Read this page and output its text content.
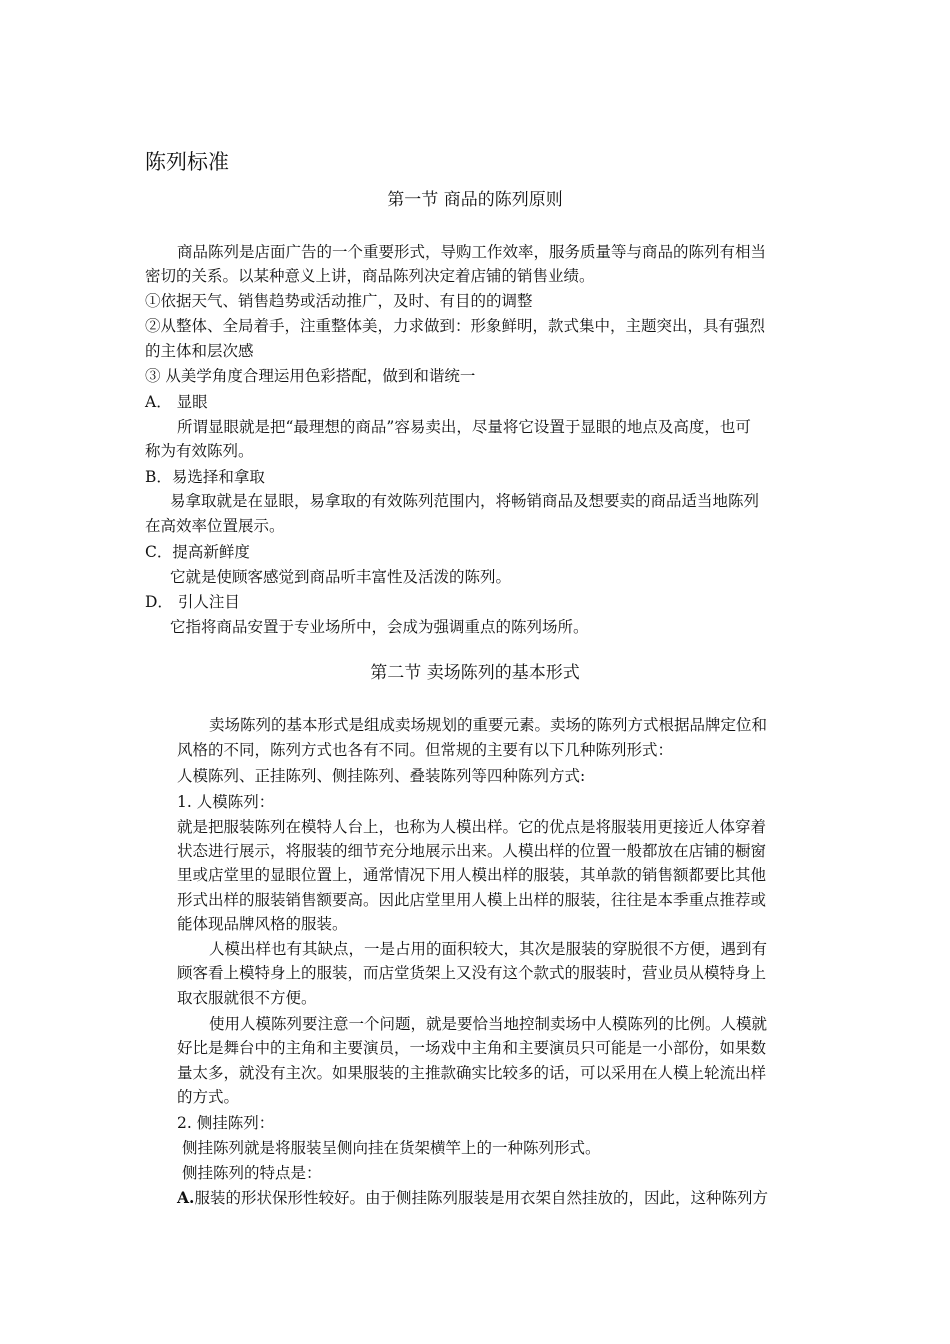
陈列标准
第一节 商品的陈列原则
商品陈列是店面广告的一个重要形式，导购工作效率，服务质量等与商品的陈列有相当
密切的关系。以某种意义上讲，商品陈列决定着店铺的销售业绩。
①依据天气、销售趋势或活动推广，及时、有目的的调整
②从整体、全局着手，注重整体美，力求做到：形象鲜明，款式集中，主题突出，具有强烈
的主体和层次感
③ 从美学角度合理运用色彩搭配，做到和谐统一
A． 显眼
所谓显眼就是把“最理想的商品”容易卖出，尽量将它设置于显眼的地点及高度，也可
称为有效陈列。
B．易选择和拿取
易拿取就是在显眼，易拿取的有效陈列范围内，将畅销商品及想要卖的商品适当地陈列
在高效率位置展示。
C．提高新鲜度
它就是使顾客感觉到商品听丰富性及活泼的陈列。
D． 引人注目
它指将商品安置于专业场所中，会成为强调重点的陈列场所。
第二节 卖场陈列的基本形式
卖场陈列的基本形式是组成卖场规划的重要元素。卖场的陈列方式根据品牌定位和
风格的不同，陈列方式也各有不同。但常规的主要有以下几种陈列形式：
人模陈列、正挂陈列、侧挂陈列、叠装陈列等四种陈列方式:
1. 人模陈列：
就是把服装陈列在模特人台上，也称为人模出样。它的优点是将服装用更接近人体穿着
状态进行展示，将服装的细节充分地展示出来。人模出样的位置一般都放在店铺的橱窗
里或店堂里的显眼位置上，通常情况下用人模出样的服装，其单款的销售额都要比其他
形式出样的服装销售额要高。因此店堂里用人模上出样的服装，往往是本季重点推荐或
能体现品牌风格的服装。
人模出样也有其缺点，一是占用的面积较大，其次是服装的穿脱很不方便，遇到有
顾客看上模特身上的服装，而店堂货架上又没有这个款式的服装时，营业员从模特身上
取衣服就很不方便。
使用人模陈列要注意一个问题，就是要恰当地控制卖场中人模陈列的比例。人模就
好比是舞台中的主角和主要演员，一场戏中主角和主要演员只可能是一小部份，如果数
量太多，就没有主次。如果服装的主推款确实比较多的话，可以采用在人模上轮流出样
的方式。
2. 侧挂陈列：
侧挂陈列就是将服装呈侧向挂在货架横竿上的一种陈列形式。
侧挂陈列的特点是：
A.服装的形状保形性较好。由于侧挂陈列服装是用衣架自然挂放的，因此，这种陈列方
